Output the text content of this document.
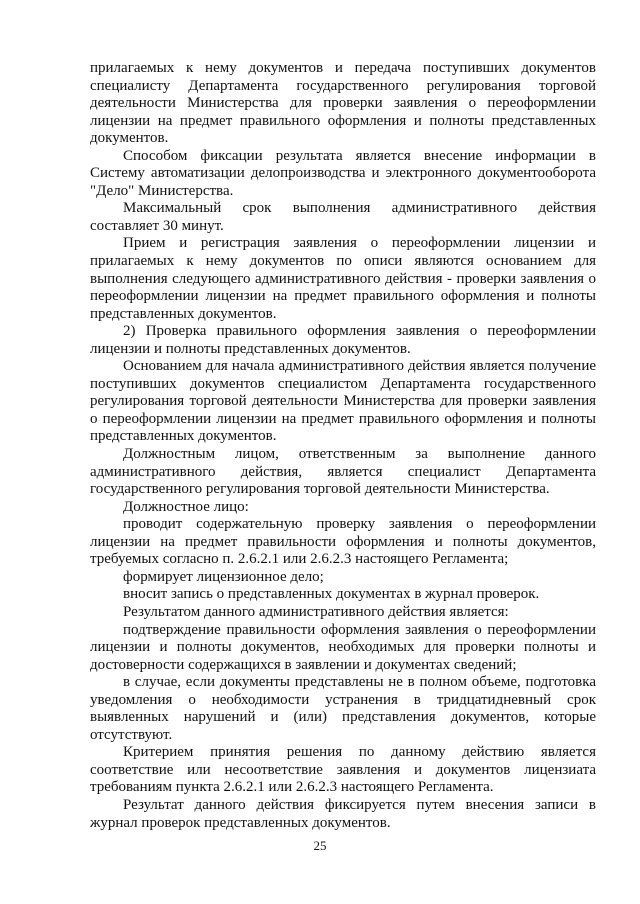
прилагаемых к нему документов и передача поступивших документов специалисту Департамента государственного регулирования торговой деятельности Министерства для проверки заявления о переоформлении лицензии на предмет правильного оформления и полноты представленных документов.

Способом фиксации результата является внесение информации в Систему автоматизации делопроизводства и электронного документооборота "Дело" Министерства.

Максимальный срок выполнения административного действия составляет 30 минут.

Прием и регистрация заявления о переоформлении лицензии и прилагаемых к нему документов по описи являются основанием для выполнения следующего административного действия - проверки заявления о переоформлении лицензии на предмет правильного оформления и полноты представленных документов.

2) Проверка правильного оформления заявления о переоформлении лицензии и полноты представленных документов.

Основанием для начала административного действия является получение поступивших документов специалистом Департамента государственного регулирования торговой деятельности Министерства для проверки заявления о переоформлении лицензии на предмет правильного оформления и полноты представленных документов.

Должностным лицом, ответственным за выполнение данного административного действия, является специалист Департамента государственного регулирования торговой деятельности Министерства.

Должностное лицо:

проводит содержательную проверку заявления о переоформлении лицензии на предмет правильности оформления и полноты документов, требуемых согласно п. 2.6.2.1 или 2.6.2.3 настоящего Регламента;

формирует лицензионное дело;

вносит запись о представленных документах в журнал проверок.

Результатом данного административного действия является:

подтверждение правильности оформления заявления о переоформлении лицензии и полноты документов, необходимых для проверки полноты и достоверности содержащихся в заявлении и документах сведений;

в случае, если документы представлены не в полном объеме, подготовка уведомления о необходимости устранения в тридцатидневный срок выявленных нарушений и (или) представления документов, которые отсутствуют.

Критерием принятия решения по данному действию является соответствие или несоответствие заявления и документов лицензиата требованиям пункта 2.6.2.1 или 2.6.2.3 настоящего Регламента.

Результат данного действия фиксируется путем внесения записи в журнал проверок представленных документов.

25
